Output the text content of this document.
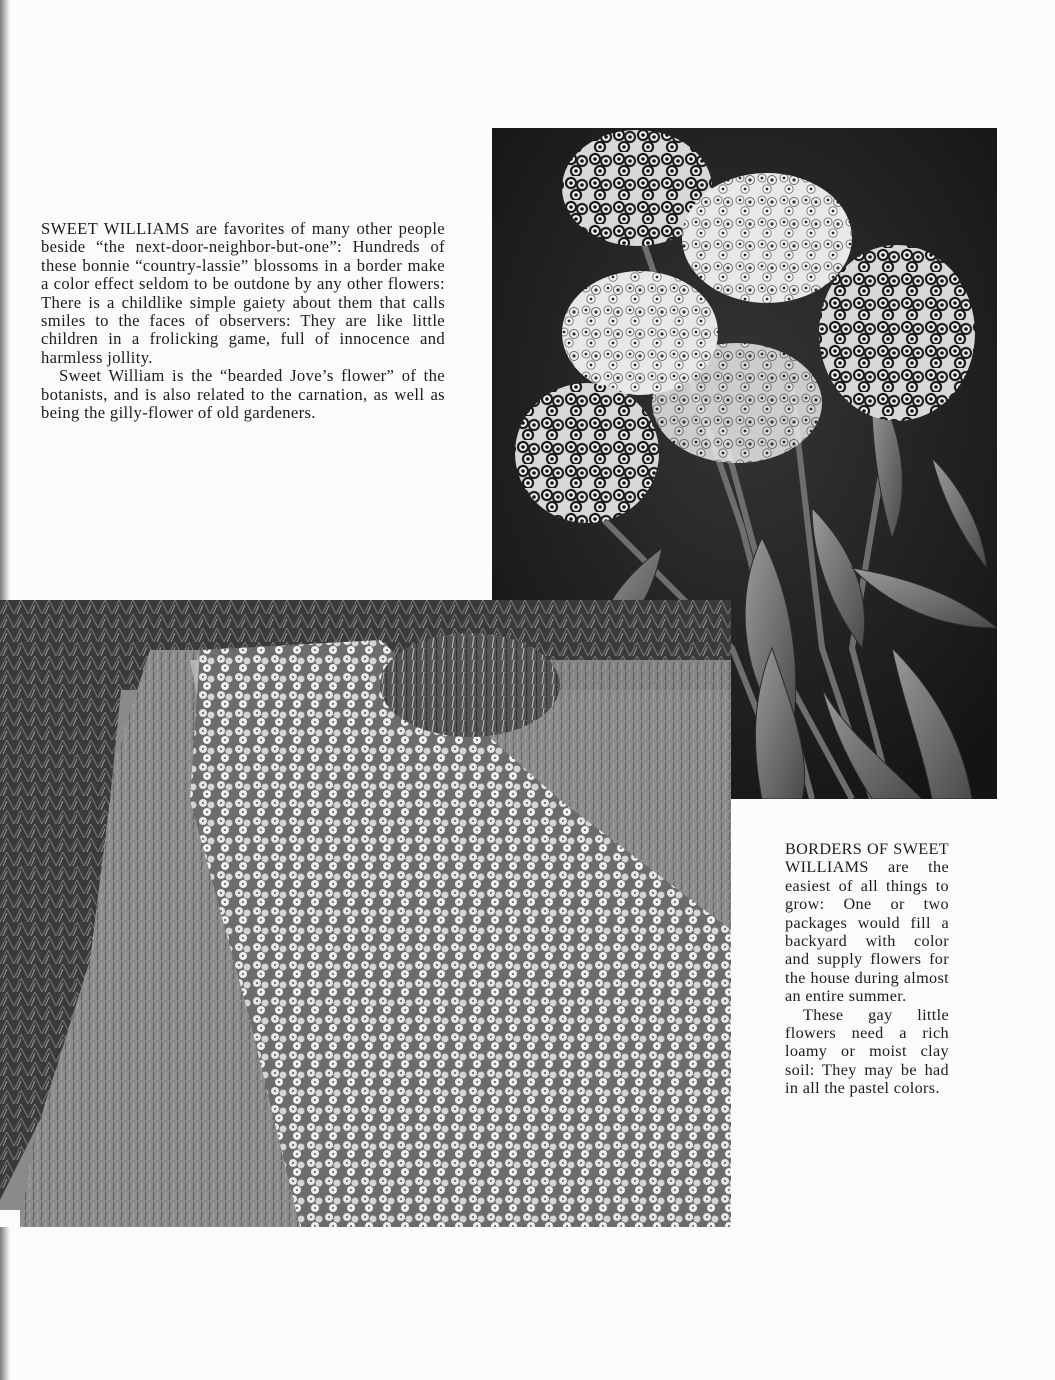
SWEET WILLIAMS are favorites of many other people beside “the next-door-neighbor-but-one”: Hundreds of these bonnie “country-lassie” blossoms in a border make a color effect seldom to be outdone by any other flowers: There is a childlike simple gaiety about them that calls smiles to the faces of observers: They are like little children in a frolicking game, full of innocence and harmless jollity.

Sweet William is the “bearded Jove’s flower” of the botanists, and is also related to the carnation, as well as being the gilly-flower of old gardeners.

BORDERS OF SWEET WILLIAMS are the easiest of all things to grow: One or two packages would fill a backyard with color and supply flowers for the house during almost an entire summer.

These gay little flowers need a rich loamy or moist clay soil: They may be had in all the pastel colors.
